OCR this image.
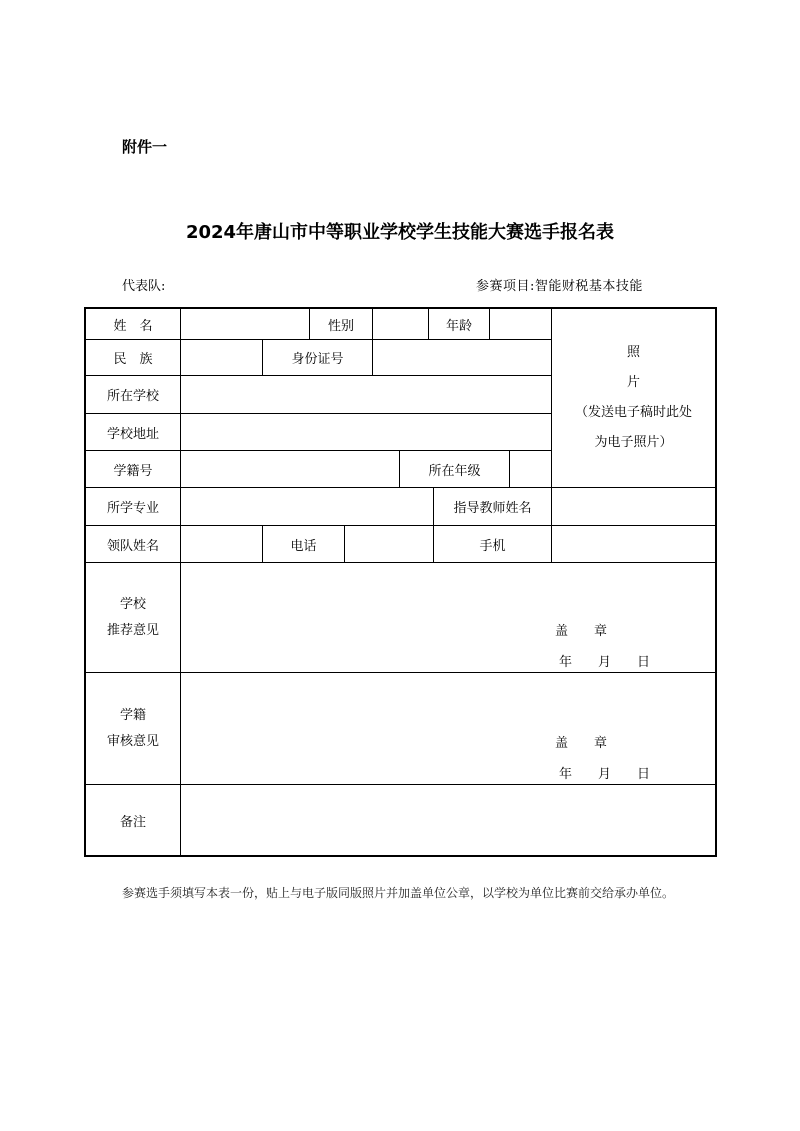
附件一
2024年唐山市中等职业学校学生技能大赛选手报名表
代表队:	参赛项目:智能财税基本技能
姓　名	性别	年龄
民　族	身份证号
所在学校
学校地址
照
片
（发送电子稿时此处
为电子照片）
学籍号	所在年级
所学专业	指导教师姓名
领队姓名	电话	手机
学校
推荐意见	盖　　章
年　　月　　日
学籍
审核意见	盖　　章
年　　月　　日
备注
参赛选手须填写本表一份，贴上与电子版同版照片并加盖单位公章，以学校为单位比赛前交给承办单位。
